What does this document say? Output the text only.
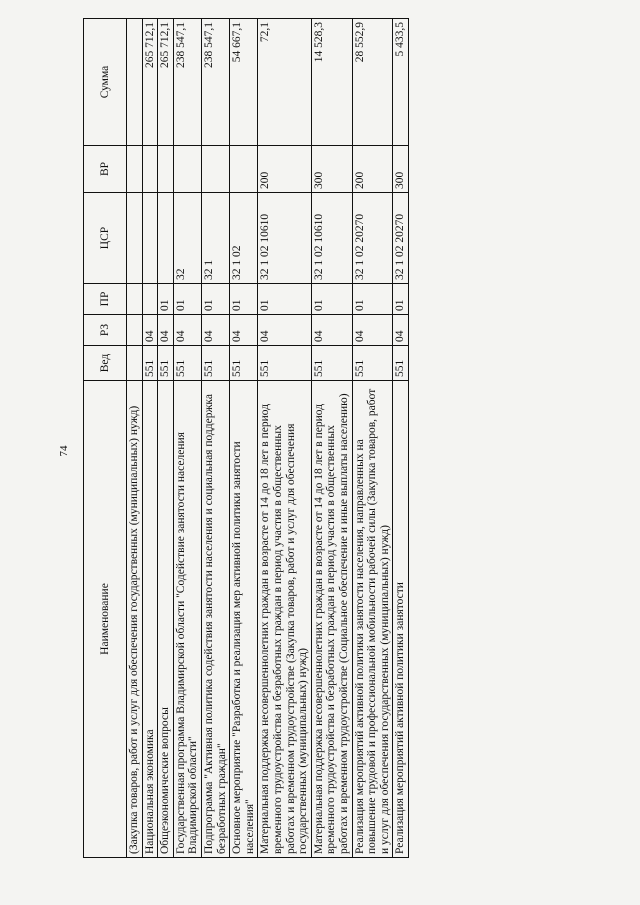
74
Наименование	Вед	РЗ	ПР	ЦСР	ВР	Сумма
(Закупка товаров, работ и услуг для обеспечения государственных (муниципальных) нужд)						
Национальная экономика	551	04				265 712,1
Общеэкономические вопросы	551	04	01			265 712,1
Государственная программа Владимирской области "Содействие занятости населения Владимирской области"	551	04	01	32		238 547,1
Подпрограмма "Активная политика содействия занятости населения и социальная поддержка безработных граждан"	551	04	01	32 1		238 547,1
Основное мероприятие "Разработка и реализация мер активной политики занятости населения"	551	04	01	32 1 02		54 667,1
Материальная поддержка несовершеннолетних граждан в возрасте от 14 до 18 лет в период временного трудоустройства и безработных граждан в период участия в общественных работах и временном трудоустройстве (Закупка товаров, работ и услуг для обеспечения государственных (муниципальных) нужд)	551	04	01	32 1 02 10610	200	72,1
Материальная поддержка несовершеннолетних граждан в возрасте от 14 до 18 лет в период временного трудоустройства и безработных граждан в период участия в общественных работах и временном трудоустройстве (Социальное обеспечение и иные выплаты населению)	551	04	01	32 1 02 10610	300	14 528,3
Реализация мероприятий активной политики занятости населения, направленных на повышение трудовой и профессиональной мобильности рабочей силы (Закупка товаров, работ и услуг для обеспечения государственных (муниципальных) нужд)	551	04	01	32 1 02 20270	200	28 552,9
Реализация мероприятий активной политики занятости	551	04	01	32 1 02 20270	300	5 433,5
